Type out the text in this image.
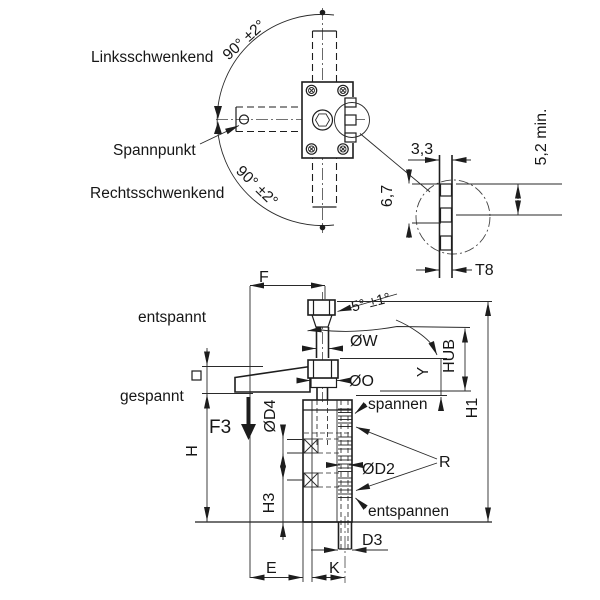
Linksschwenkend 90° ±2°
Spannpunkt
Rechtsschwenkend 90° ±2°
3,3
6,7
5,2 min.
T8
5° ±1°
ØW
ØO
F
H
F3 ØD4
H3
H1
HUB
Y
spannen
R
entspannen
ØD2
D3
E	K
entspannt
gespannt
